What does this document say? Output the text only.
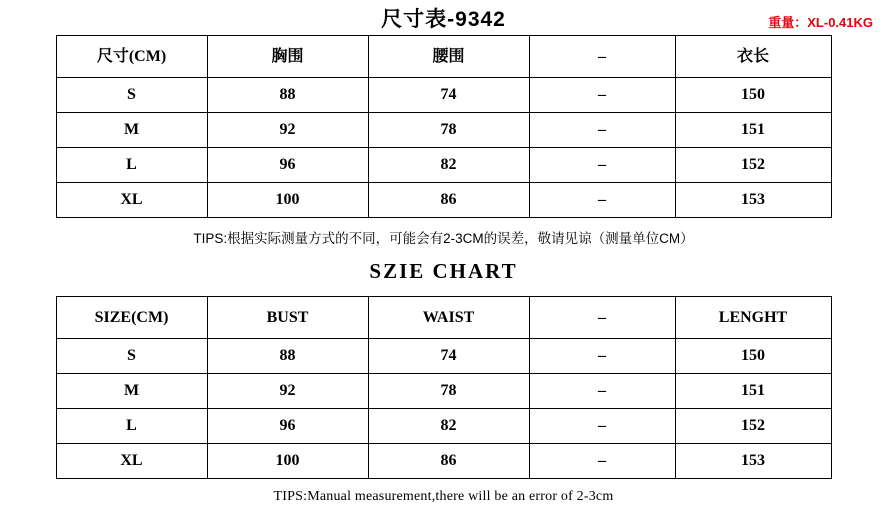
尺寸表-9342	重量：XL-0.41KG
尺寸(CM)	胸围	腰围	–	衣长
S	88	74	–	150
M	92	78	–	151
L	96	82	–	152
XL	100	86	–	153
TIPS:根据实际测量方式的不同，可能会有2-3CM的误差，敬请见谅（测量单位CM）
SZIE CHART
SIZE(CM)	BUST	WAIST	–	LENGHT
S	88	74	–	150
M	92	78	–	151
L	96	82	–	152
XL	100	86	–	153
TIPS:Manual measurement,there will be an error of 2-3cm
